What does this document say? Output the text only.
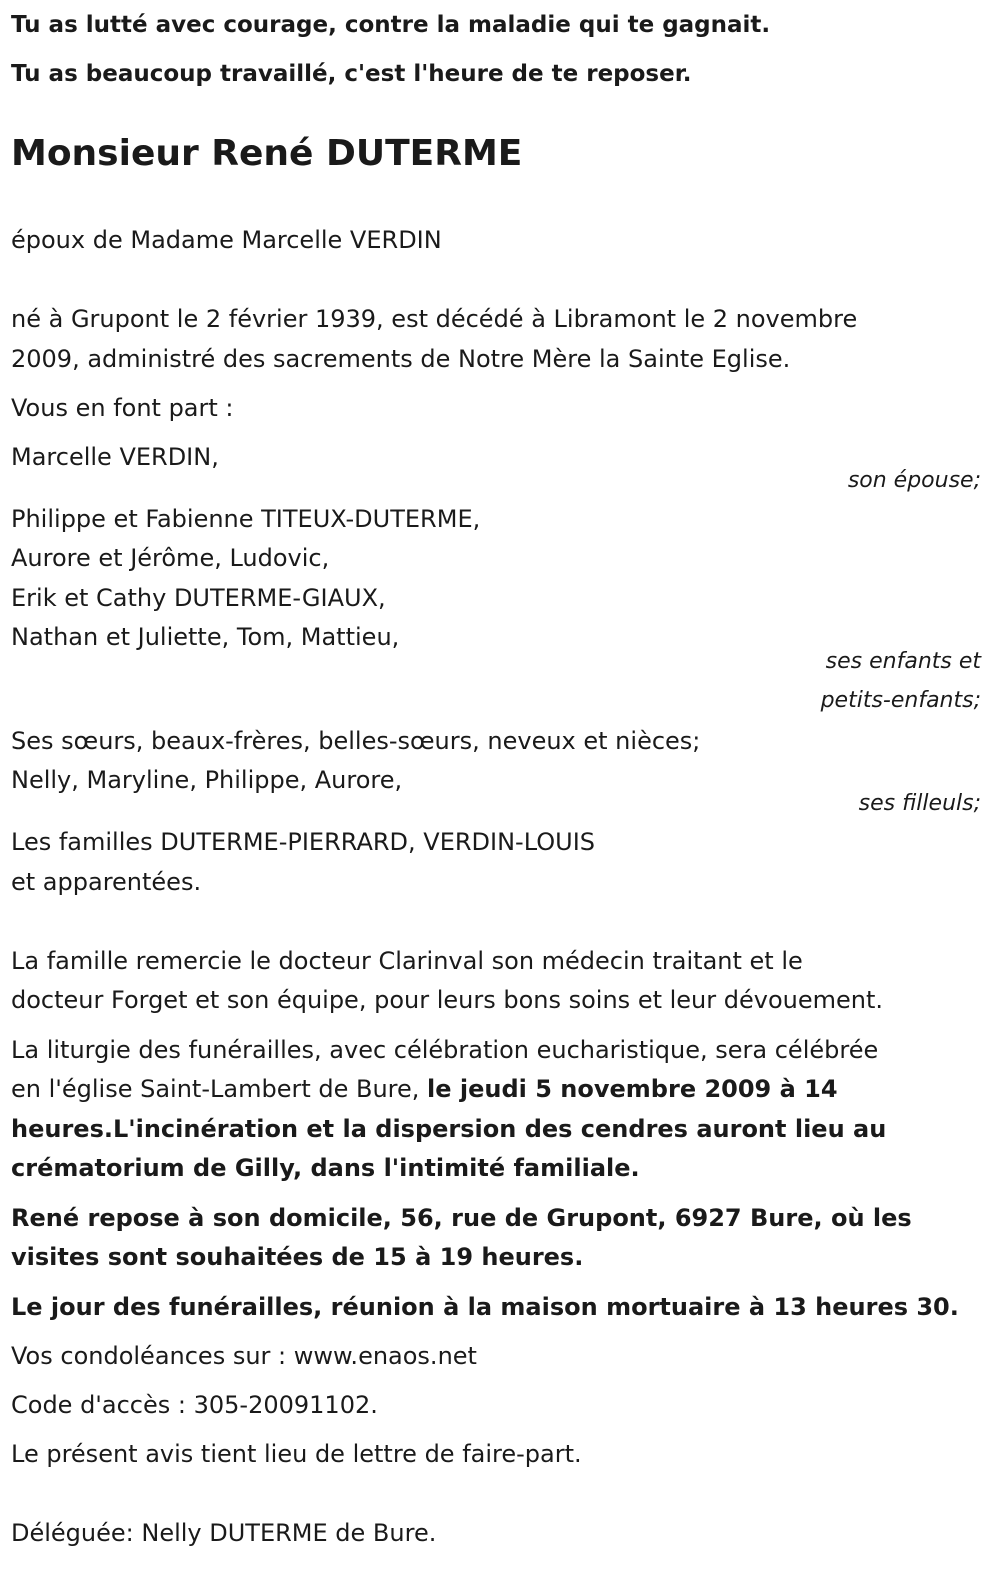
Tu as lutté avec courage, contre la maladie qui te gagnait.

Tu as beaucoup travaillé, c'est l'heure de te reposer.

Monsieur René DUTERME

époux de Madame Marcelle VERDIN

né à Grupont le 2 février 1939, est décédé à Libramont le 2 novembre

2009, administré des sacrements de Notre Mère la Sainte Eglise.

Vous en font part :

Marcelle VERDIN,

son épouse;

Philippe et Fabienne TITEUX-DUTERME,

Aurore et Jérôme, Ludovic,

Erik et Cathy DUTERME-GIAUX,

Nathan et Juliette, Tom, Mattieu,

ses enfants et

petits-enfants;

Ses sœurs, beaux-frères, belles-sœurs, neveux et nièces;

Nelly, Maryline, Philippe, Aurore,

ses filleuls;

Les familles DUTERME-PIERRARD, VERDIN-LOUIS

et apparentées.

La famille remercie le docteur Clarinval son médecin traitant et le

docteur Forget et son équipe, pour leurs bons soins et leur dévouement.

La liturgie des funérailles, avec célébration eucharistique, sera célébrée

en l'église Saint-Lambert de Bure, le jeudi 5 novembre 2009 à 14

heures.L'incinération et la dispersion des cendres auront lieu au

crématorium de Gilly, dans l'intimité familiale.

René repose à son domicile, 56, rue de Grupont, 6927 Bure, où les

visites sont souhaitées de 15 à 19 heures.

Le jour des funérailles, réunion à la maison mortuaire à 13 heures 30.

Vos condoléances sur : www.enaos.net

Code d'accès : 305-20091102.

Le présent avis tient lieu de lettre de faire-part.

Déléguée: Nelly DUTERME de Bure.
